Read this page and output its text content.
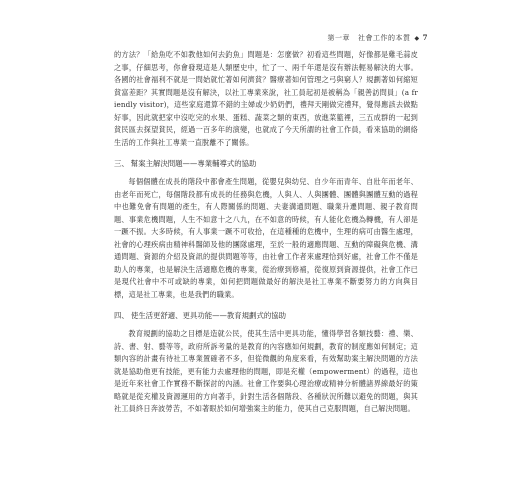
第一章 社會工作的本質 ◆ 7

的方法？「給魚吃不如教他如何去釣魚」問題是：怎麼做？初看這些問題，好像都是雞毛蒜皮之事，仔細思考，你會發現這是人類歷史中，忙了一、兩千年還是沒有辦法輕易解決的大事。各國的社會福利不就是一問始就忙著如何濟貧？醫療著如何管理之弓與窮人？規劃著如何縮短貧富差距？其實問題是沒有解決，以社工專業來說，社工員起初是被稱為「親善訪問員」(a friendly visitor)，這些家庭還算不錯的主婦或少奶奶們，禮拜天剛做完禮拜，覺得應該去做點好事，因此就把家中沒吃完的水果、蛋糕、蔬菜之類的東西，放進菜籃裡，三五成群的一起到貧民區去探望貧民，經過一百多年的演變，也就成了今天所謂的社會工作員，看來協助的網絡生活的工作與社工專業一直脫離不了關係。

三、 幫案主解決問題——專業輔導式的協助

每個個體在成長的階段中都會產生問題，從嬰兒與幼兒、自少年而青年、自壯年而老年、由老年而死亡，每個階段都有成長的任務與危機，人與人、人與團體、團體與團體互動的過程中也難免會有問題的產生，有人際關係的問題、夫妻溝通問題、職業升遷問題、親子教育問題、事業危機問題，人生不如意十之八九，在不如意的時候，有人能化危機為轉機，有人卻是一蹶不振。大多時候，有人事業一蹶不可收拾，在這種種的危機中，生理的病可由醫生處理，社會的心理疾病由精神科醫師及他的團隊處理，至於一般的適應問題、互動的障礙與危機、溝通問題、資源的介紹及資訊的提供問題等等，由社會工作者來處理恰到好處，社會工作不僅是助人的專業，也是解決生活適應危機的專業，從治療到修補，從復原到資源提供，社會工作已是現代社會中不可或缺的專業，如何把問題做最好的解決是社工專業不斷要努力的方向與目標，這是社工專業，也是我們的職業。

四、 使生活更舒適、更具功能——教育規劃式的協助

教育規劃的協助之目標是造就公民，使其生活中更具功能，懂得學習各類技藝：禮、樂、詩、書、射、藝等等，政府所訴考量的是教育的內容應如何規劃，教育的制度應如何制定；這類內容的計畫有待社工專業置確者不多，但從微觀的角度來看，有效幫助案主解決問題的方法就是協助他更有技能，更有能力去處理他的問題，即是充權（empowerment）的過程，這也是近年來社會工作實務不斷探討的內涵。社會工作要與心理治療或精神分析體諸界線最好的策略就是從充權及資源運用的方向著手，針對生活各個階段、各種狀況所難以避免的問題，與其社工員終日奔波勞苦，不如著眼於如何增強案主的能力，使其自己克服問題，自己解決問題。
